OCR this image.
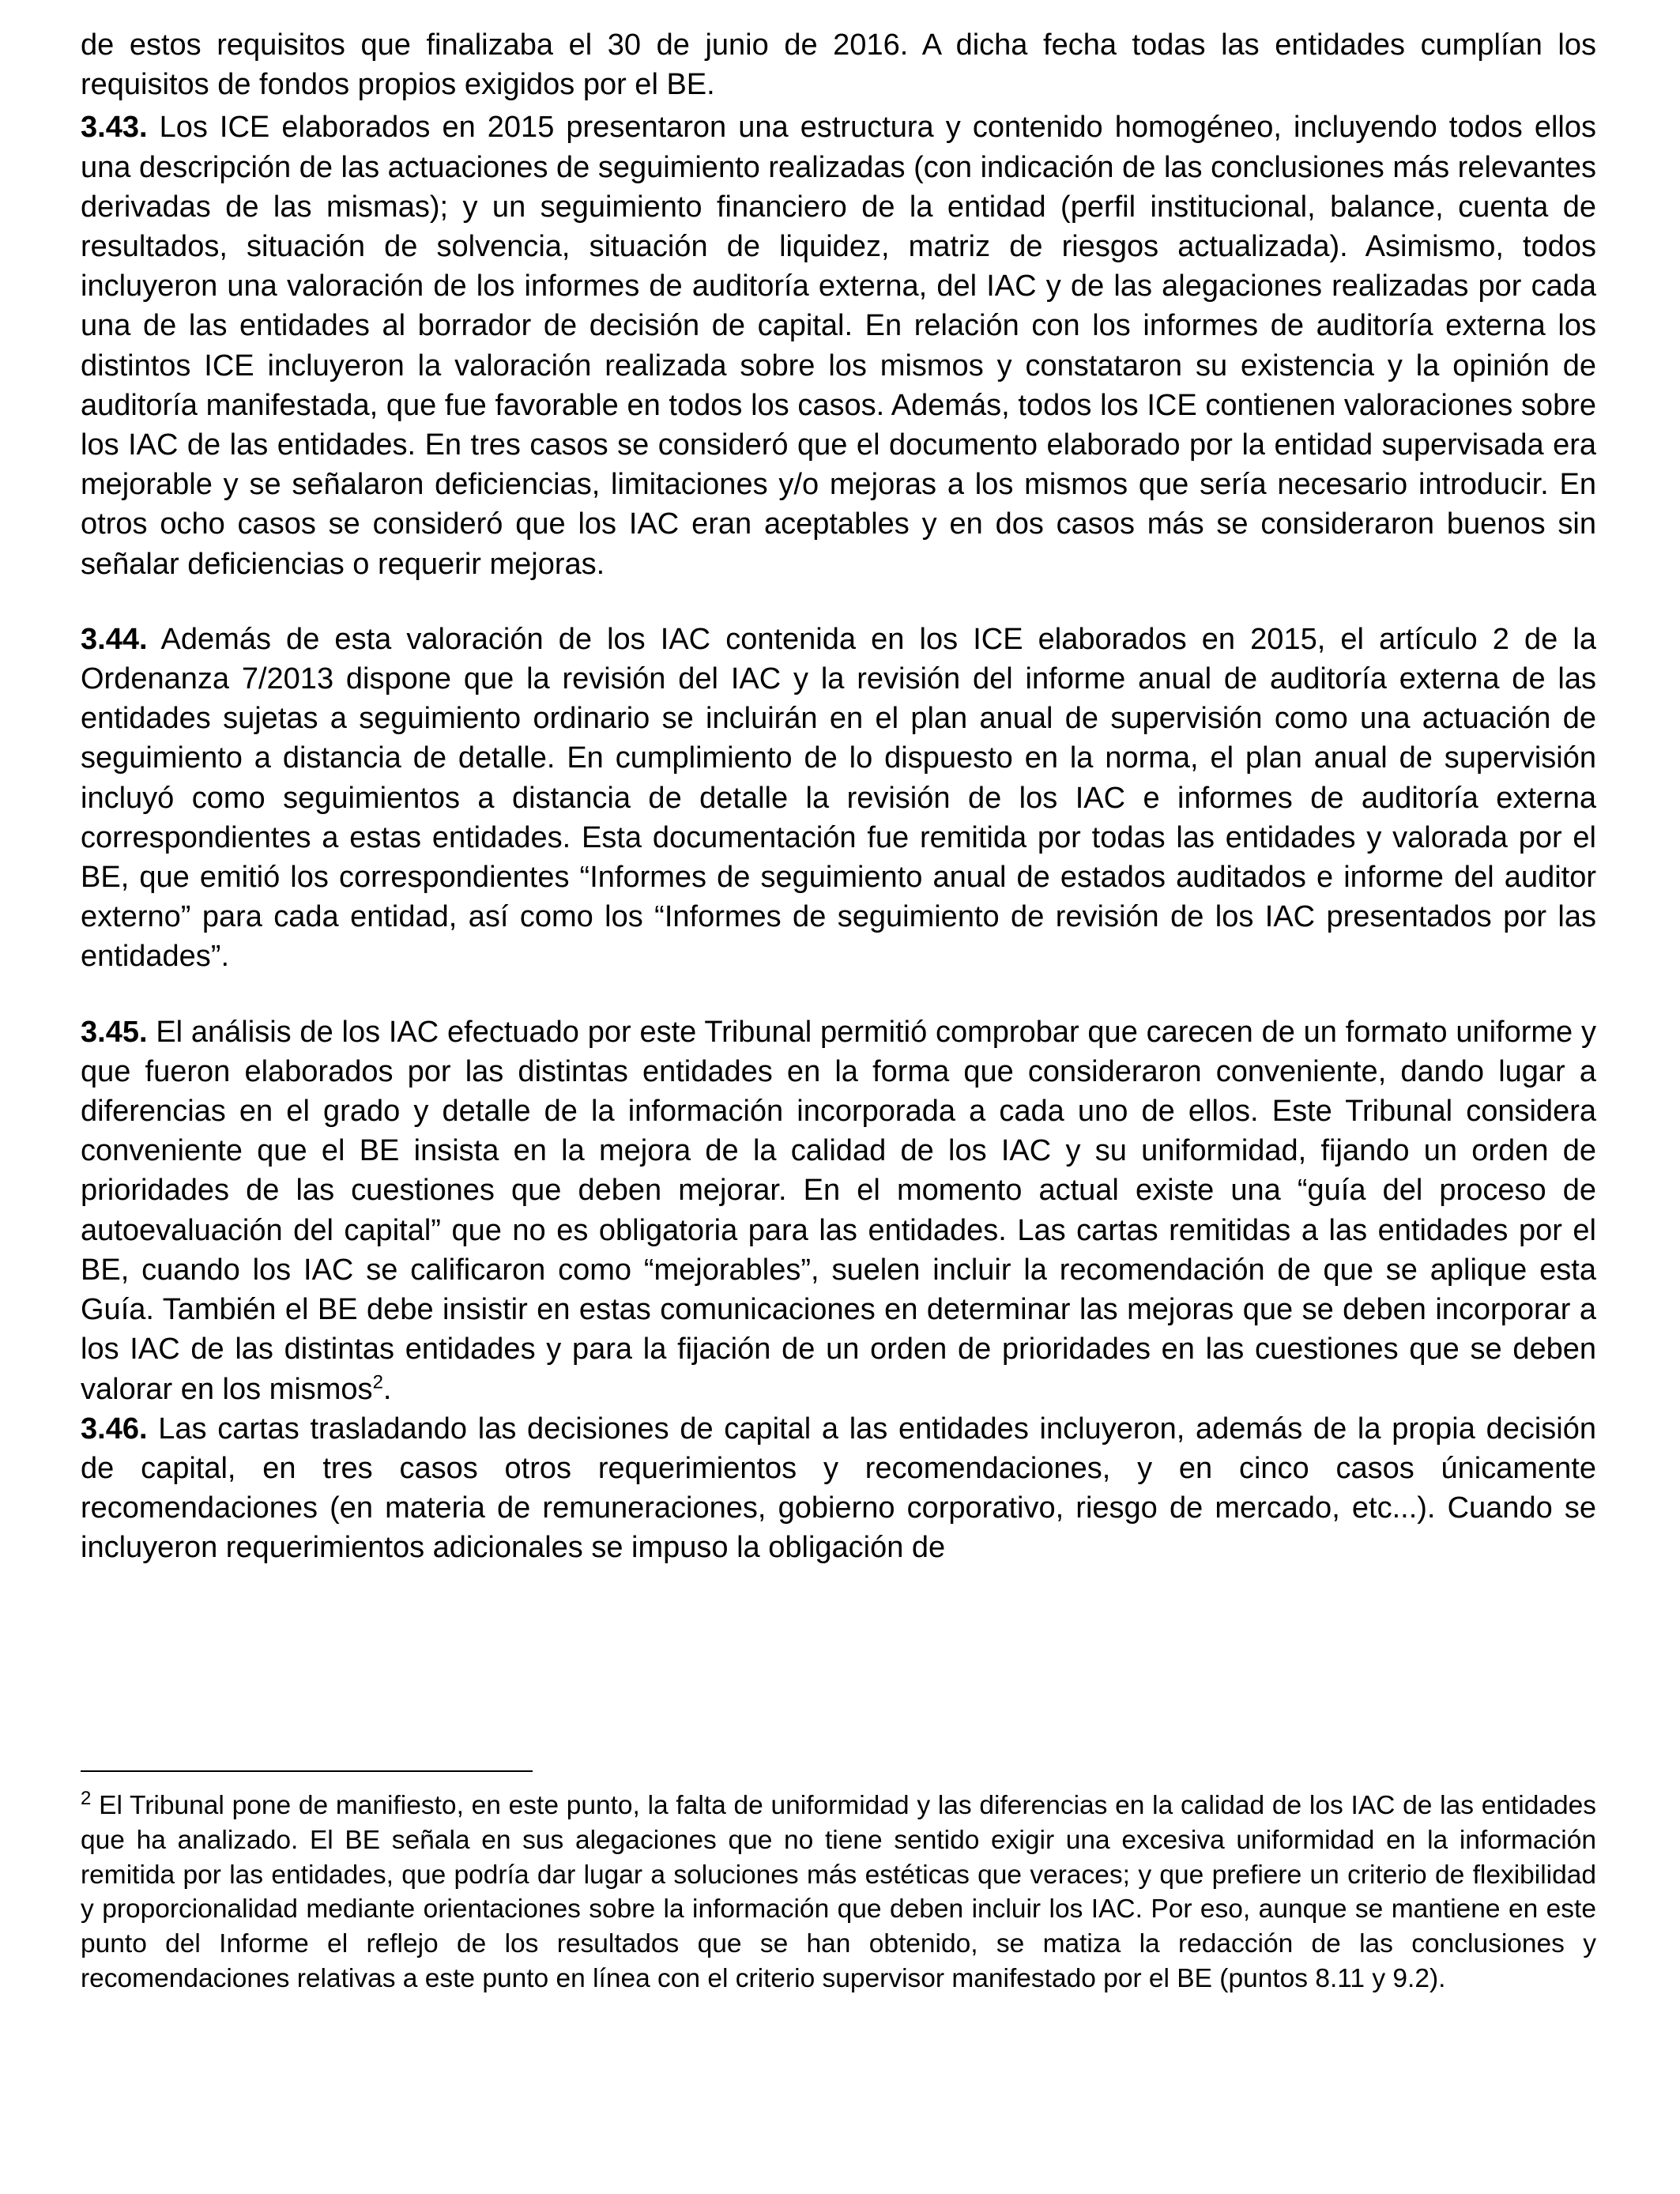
de estos requisitos que finalizaba el 30 de junio de 2016. A dicha fecha todas las entidades cumplían los requisitos de fondos propios exigidos por el BE.

3.43. Los ICE elaborados en 2015 presentaron una estructura y contenido homogéneo, incluyendo todos ellos una descripción de las actuaciones de seguimiento realizadas (con indicación de las conclusiones más relevantes derivadas de las mismas); y un seguimiento financiero de la entidad (perfil institucional, balance, cuenta de resultados, situación de solvencia, situación de liquidez, matriz de riesgos actualizada). Asimismo, todos incluyeron una valoración de los informes de auditoría externa, del IAC y de las alegaciones realizadas por cada una de las entidades al borrador de decisión de capital. En relación con los informes de auditoría externa los distintos ICE incluyeron la valoración realizada sobre los mismos y constataron su existencia y la opinión de auditoría manifestada, que fue favorable en todos los casos. Además, todos los ICE contienen valoraciones sobre los IAC de las entidades. En tres casos se consideró que el documento elaborado por la entidad supervisada era mejorable y se señalaron deficiencias, limitaciones y/o mejoras a los mismos que sería necesario introducir. En otros ocho casos se consideró que los IAC eran aceptables y en dos casos más se consideraron buenos sin señalar deficiencias o requerir mejoras.

3.44. Además de esta valoración de los IAC contenida en los ICE elaborados en 2015, el artículo 2 de la Ordenanza 7/2013 dispone que la revisión del IAC y la revisión del informe anual de auditoría externa de las entidades sujetas a seguimiento ordinario se incluirán en el plan anual de supervisión como una actuación de seguimiento a distancia de detalle. En cumplimiento de lo dispuesto en la norma, el plan anual de supervisión incluyó como seguimientos a distancia de detalle la revisión de los IAC e informes de auditoría externa correspondientes a estas entidades. Esta documentación fue remitida por todas las entidades y valorada por el BE, que emitió los correspondientes “Informes de seguimiento anual de estados auditados e informe del auditor externo” para cada entidad, así como los “Informes de seguimiento de revisión de los IAC presentados por las entidades”.

3.45. El análisis de los IAC efectuado por este Tribunal permitió comprobar que carecen de un formato uniforme y que fueron elaborados por las distintas entidades en la forma que consideraron conveniente, dando lugar a diferencias en el grado y detalle de la información incorporada a cada uno de ellos. Este Tribunal considera conveniente que el BE insista en la mejora de la calidad de los IAC y su uniformidad, fijando un orden de prioridades de las cuestiones que deben mejorar. En el momento actual existe una “guía del proceso de autoevaluación del capital” que no es obligatoria para las entidades. Las cartas remitidas a las entidades por el BE, cuando los IAC se calificaron como “mejorables”, suelen incluir la recomendación de que se aplique esta Guía. También el BE debe insistir en estas comunicaciones en determinar las mejoras que se deben incorporar a los IAC de las distintas entidades y para la fijación de un orden de prioridades en las cuestiones que se deben valorar en los mismos$^2$.

3.46. Las cartas trasladando las decisiones de capital a las entidades incluyeron, además de la propia decisión de capital, en tres casos otros requerimientos y recomendaciones, y en cinco casos únicamente recomendaciones (en materia de remuneraciones, gobierno corporativo, riesgo de mercado, etc...). Cuando se incluyeron requerimientos adicionales se impuso la obligación de

$^2$ El Tribunal pone de manifiesto, en este punto, la falta de uniformidad y las diferencias en la calidad de los IAC de las entidades que ha analizado. El BE señala en sus alegaciones que no tiene sentido exigir una excesiva uniformidad en la información remitida por las entidades, que podría dar lugar a soluciones más estéticas que veraces; y que prefiere un criterio de flexibilidad y proporcionalidad mediante orientaciones sobre la información que deben incluir los IAC. Por eso, aunque se mantiene en este punto del Informe el reflejo de los resultados que se han obtenido, se matiza la redacción de las conclusiones y recomendaciones relativas a este punto en línea con el criterio supervisor manifestado por el BE (puntos 8.11 y 9.2).
